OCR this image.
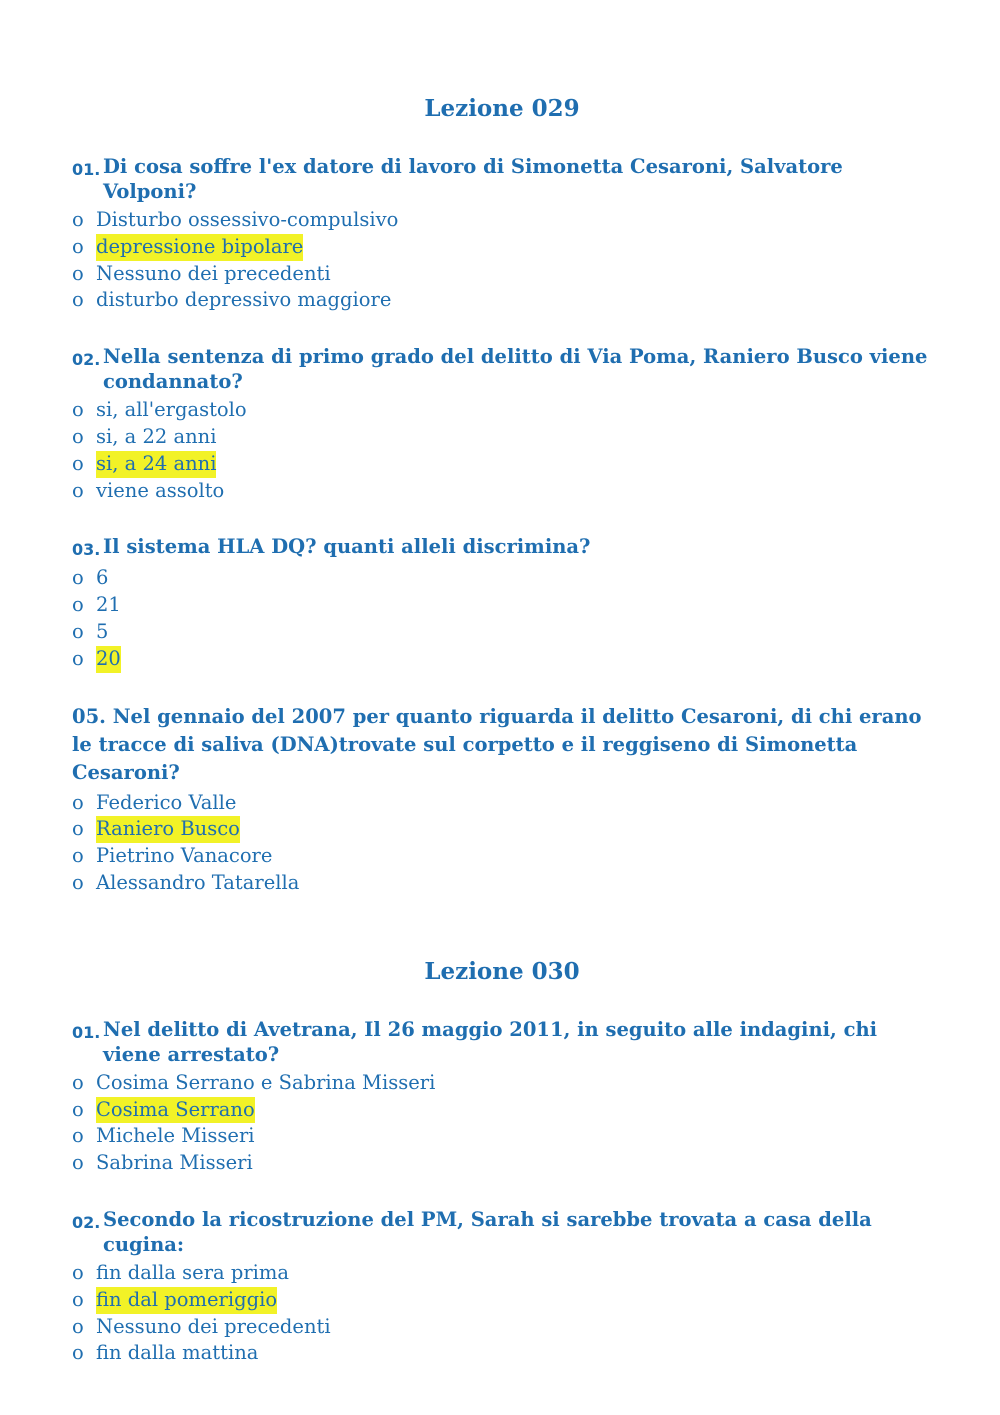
Lezione 029
01. Di cosa soffre l'ex datore di lavoro di Simonetta Cesaroni, Salvatore Volponi?
o Disturbo ossessivo-compulsivo
o depressione bipolare
o Nessuno dei precedenti
o disturbo depressivo maggiore
02. Nella sentenza di primo grado del delitto di Via Poma, Raniero Busco viene condannato?
o si, all'ergastolo
o si, a 22 anni
o si, a 24 anni
o viene assolto
03. Il sistema HLA DQ? quanti alleli discrimina?
o 6
o 21
o 5
o 20
05. Nel gennaio del 2007 per quanto riguarda il delitto Cesaroni, di chi erano le tracce di saliva (DNA)trovate sul corpetto e il reggiseno di Simonetta Cesaroni?
o Federico Valle
o Raniero Busco
o Pietrino Vanacore
o Alessandro Tatarella
Lezione 030
01. Nel delitto di Avetrana, Il 26 maggio 2011, in seguito alle indagini, chi viene arrestato?
o Cosima Serrano e Sabrina Misseri
o Cosima Serrano
o Michele Misseri
o Sabrina Misseri
02. Secondo la ricostruzione del PM, Sarah si sarebbe trovata a casa della cugina:
o fin dalla sera prima
o fin dal pomeriggio
o Nessuno dei precedenti
o fin dalla mattina
